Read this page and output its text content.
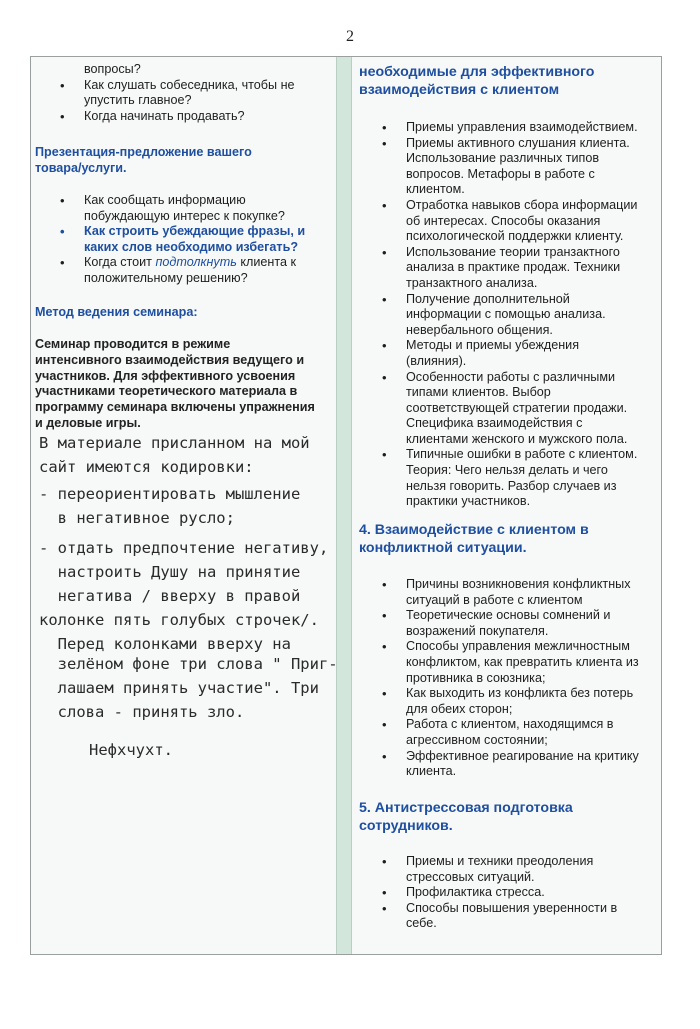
2
вопросы?
• Как слушать собеседника, чтобы не упустить главное?
• Когда начинать продавать?
Презентация-предложение вашего
товара/услуги.
• Как сообщать информацию
побуждающую интерес к покупке?
• Как строить убеждающие фразы, и
каких слов необходимо избегать?
• Когда стоит подтолкнуть клиента к
положительному решению?
Метод ведения семинара:
Семинар проводится в режиме
интенсивного взаимодействия ведущего и
участников. Для эффективного усвоения
участниками теоретического материала в
программу семинара включены упражнения
и деловые игры.
В материале присланном на мой
сайт имеются кодировки:
- переориентировать мышление
в негативное русло;
- отдать предпочтение негативу,
настроить Душу на принятие
негатива / вверху в правой
колонке пять голубых строчек/.
Перед колонками вверху на
зелёном фоне три слова " Приг-
лашаем принять участие". Три
слова - принять зло.
Нефхчухт.
необходимые для эффективного
взаимодействия с клиентом
• Приемы управления взаимодействием.
• Приемы активного слушания клиента.
Использование различных типов
вопросов. Метафоры в работе с
клиентом.
• Отработка навыков сбора информации
об интересах. Способы оказания
психологической поддержки клиенту.
• Использование теории транзактного
анализа в практике продаж. Техники
транзактного анализа.
• Получение дополнительной
информации с помощью анализа.
невербального общения.
• Методы и приемы убеждения
(влияния).
• Особенности работы с различными
типами клиентов. Выбор
соответствующей стратегии продажи.
Специфика взаимодействия с
клиентами женского и мужского пола.
• Типичные ошибки в работе с клиентом.
Теория: Чего нельзя делать и чего
нельзя говорить. Разбор случаев из
практики участников.
4. Взаимодействие с клиентом в
конфликтной ситуации.
• Причины возникновения конфликтных
ситуаций в работе с клиентом
• Теоретические основы сомнений и
возражений покупателя.
• Способы управления межличностным
конфликтом, как превратить клиента из
противника в союзника;
• Как выходить из конфликта без потерь
для обеих сторон;
• Работа с клиентом, находящимся в
агрессивном состоянии;
• Эффективное реагирование на критику
клиента.
5. Антистрессовая подготовка
сотрудников.
• Приемы и техники преодоления
стрессовых ситуаций.
• Профилактика стресса.
• Способы повышения уверенности в
себе.
